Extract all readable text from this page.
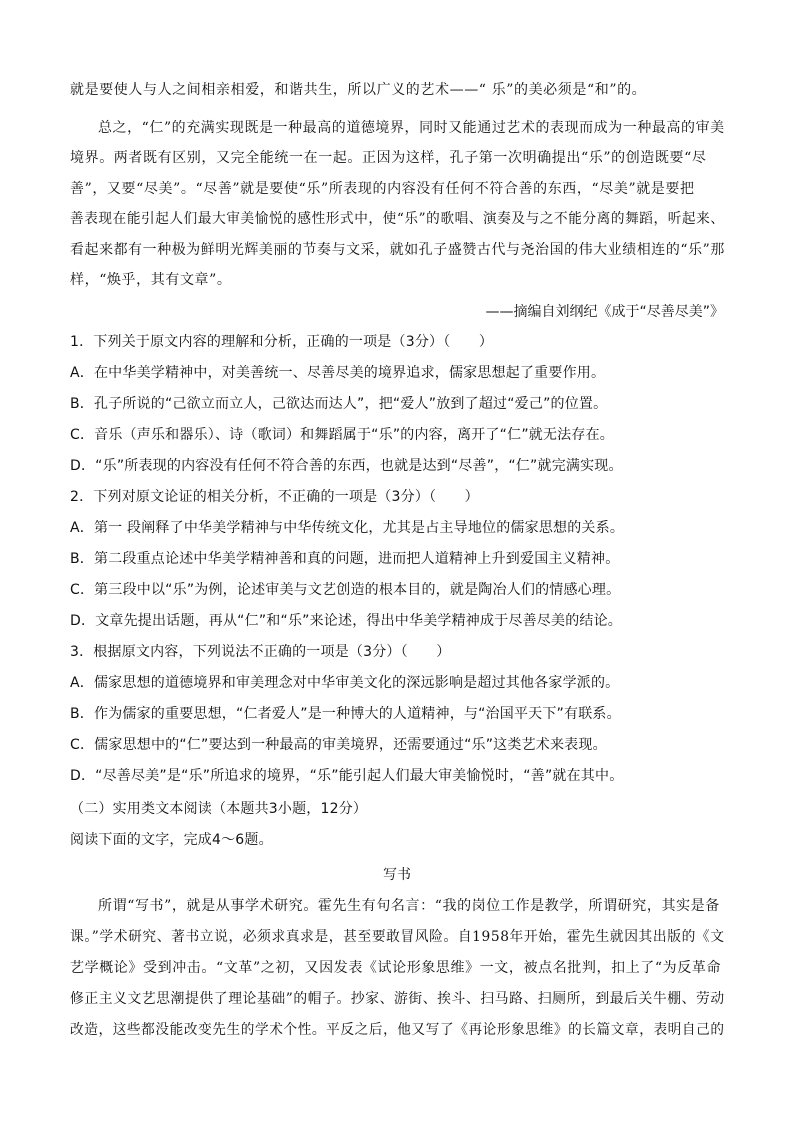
就是要使人与人之间相亲相爱，和谐共生，所以广义的艺术——“ 乐”的美必须是“和”的。
总之，“仁”的充满实现既是一种最高的道德境界，同时又能通过艺术的表现而成为一种最高的审美
境界。两者既有区别，又完全能统一在一起。正因为这样，孔子第一次明确提出“乐”的创造既要“尽
善”，又要“尽美”。“尽善”就是要使“乐”所表现的内容没有任何不符合善的东西，“尽美”就是要把
善表现在能引起人们最大审美愉悦的感性形式中，使“乐”的歌唱、演奏及与之不能分离的舞蹈，听起来、
看起来都有一种极为鲜明光辉美丽的节奏与文采，就如孔子盛赞古代与尧治国的伟大业绩相连的“乐”那
样，“焕乎，其有文章”。
——摘编自刘纲纪《成于“尽善尽美”》
1．下列关于原文内容的理解和分析，正确的一项是（3分）（　　）
A．在中华美学精神中，对美善统一、尽善尽美的境界追求，儒家思想起了重要作用。
B．孔子所说的“己欲立而立人，己欲达而达人”，把“爱人”放到了超过“爱己”的位置。
C．音乐（声乐和器乐）、诗（歌词）和舞蹈属于“乐”的内容，离开了“仁”就无法存在。
D．“乐”所表现的内容没有任何不符合善的东西，也就是达到“尽善”，“仁”就完满实现。
2．下列对原文论证的相关分析，不正确的一项是（3分）（　　）
A．第一 段阐释了中华美学精神与中华传统文化，尤其是占主导地位的儒家思想的关系。
B．第二段重点论述中华美学精神善和真的问题，进而把人道精神上升到爱国主义精神。
C．第三段中以“乐”为例，论述审美与文艺创造的根本目的，就是陶冶人们的情感心理。
D．文章先提出话题，再从“仁”和“乐”来论述，得出中华美学精神成于尽善尽美的结论。
3．根据原文内容，下列说法不正确的一项是（3分）（　　）
A．儒家思想的道德境界和审美理念对中华审美文化的深远影响是超过其他各家学派的。
B．作为儒家的重要思想，“仁者爱人”是一种博大的人道精神，与“治国平天下”有联系。
C．儒家思想中的“仁”要达到一种最高的审美境界，还需要通过“乐”这类艺术来表现。
D．“尽善尽美”是“乐”所追求的境界，“乐”能引起人们最大审美愉悦时，“善”就在其中。
（二）实用类文本阅读（本题共3小题，12分）
阅读下面的文字，完成4～6题。
写书
所谓“写书”，就是从事学术研究。霍先生有句名言：“我的岗位工作是教学，所谓研究，其实是备
课。”学术研究、著书立说，必须求真求是，甚至要敢冒风险。自1958年开始，霍先生就因其出版的《文
艺学概论》受到冲击。“文革”之初，又因发表《试论形象思维》一文，被点名批判，扣上了“为反革命
修正主义文艺思潮提供了理论基础”的帽子。抄家、游街、挨斗、扫马路、扫厕所，到最后关牛棚、劳动
改造，这些都没能改变先生的学术个性。平反之后，他又写了《再论形象思维》的长篇文章，表明自己的
